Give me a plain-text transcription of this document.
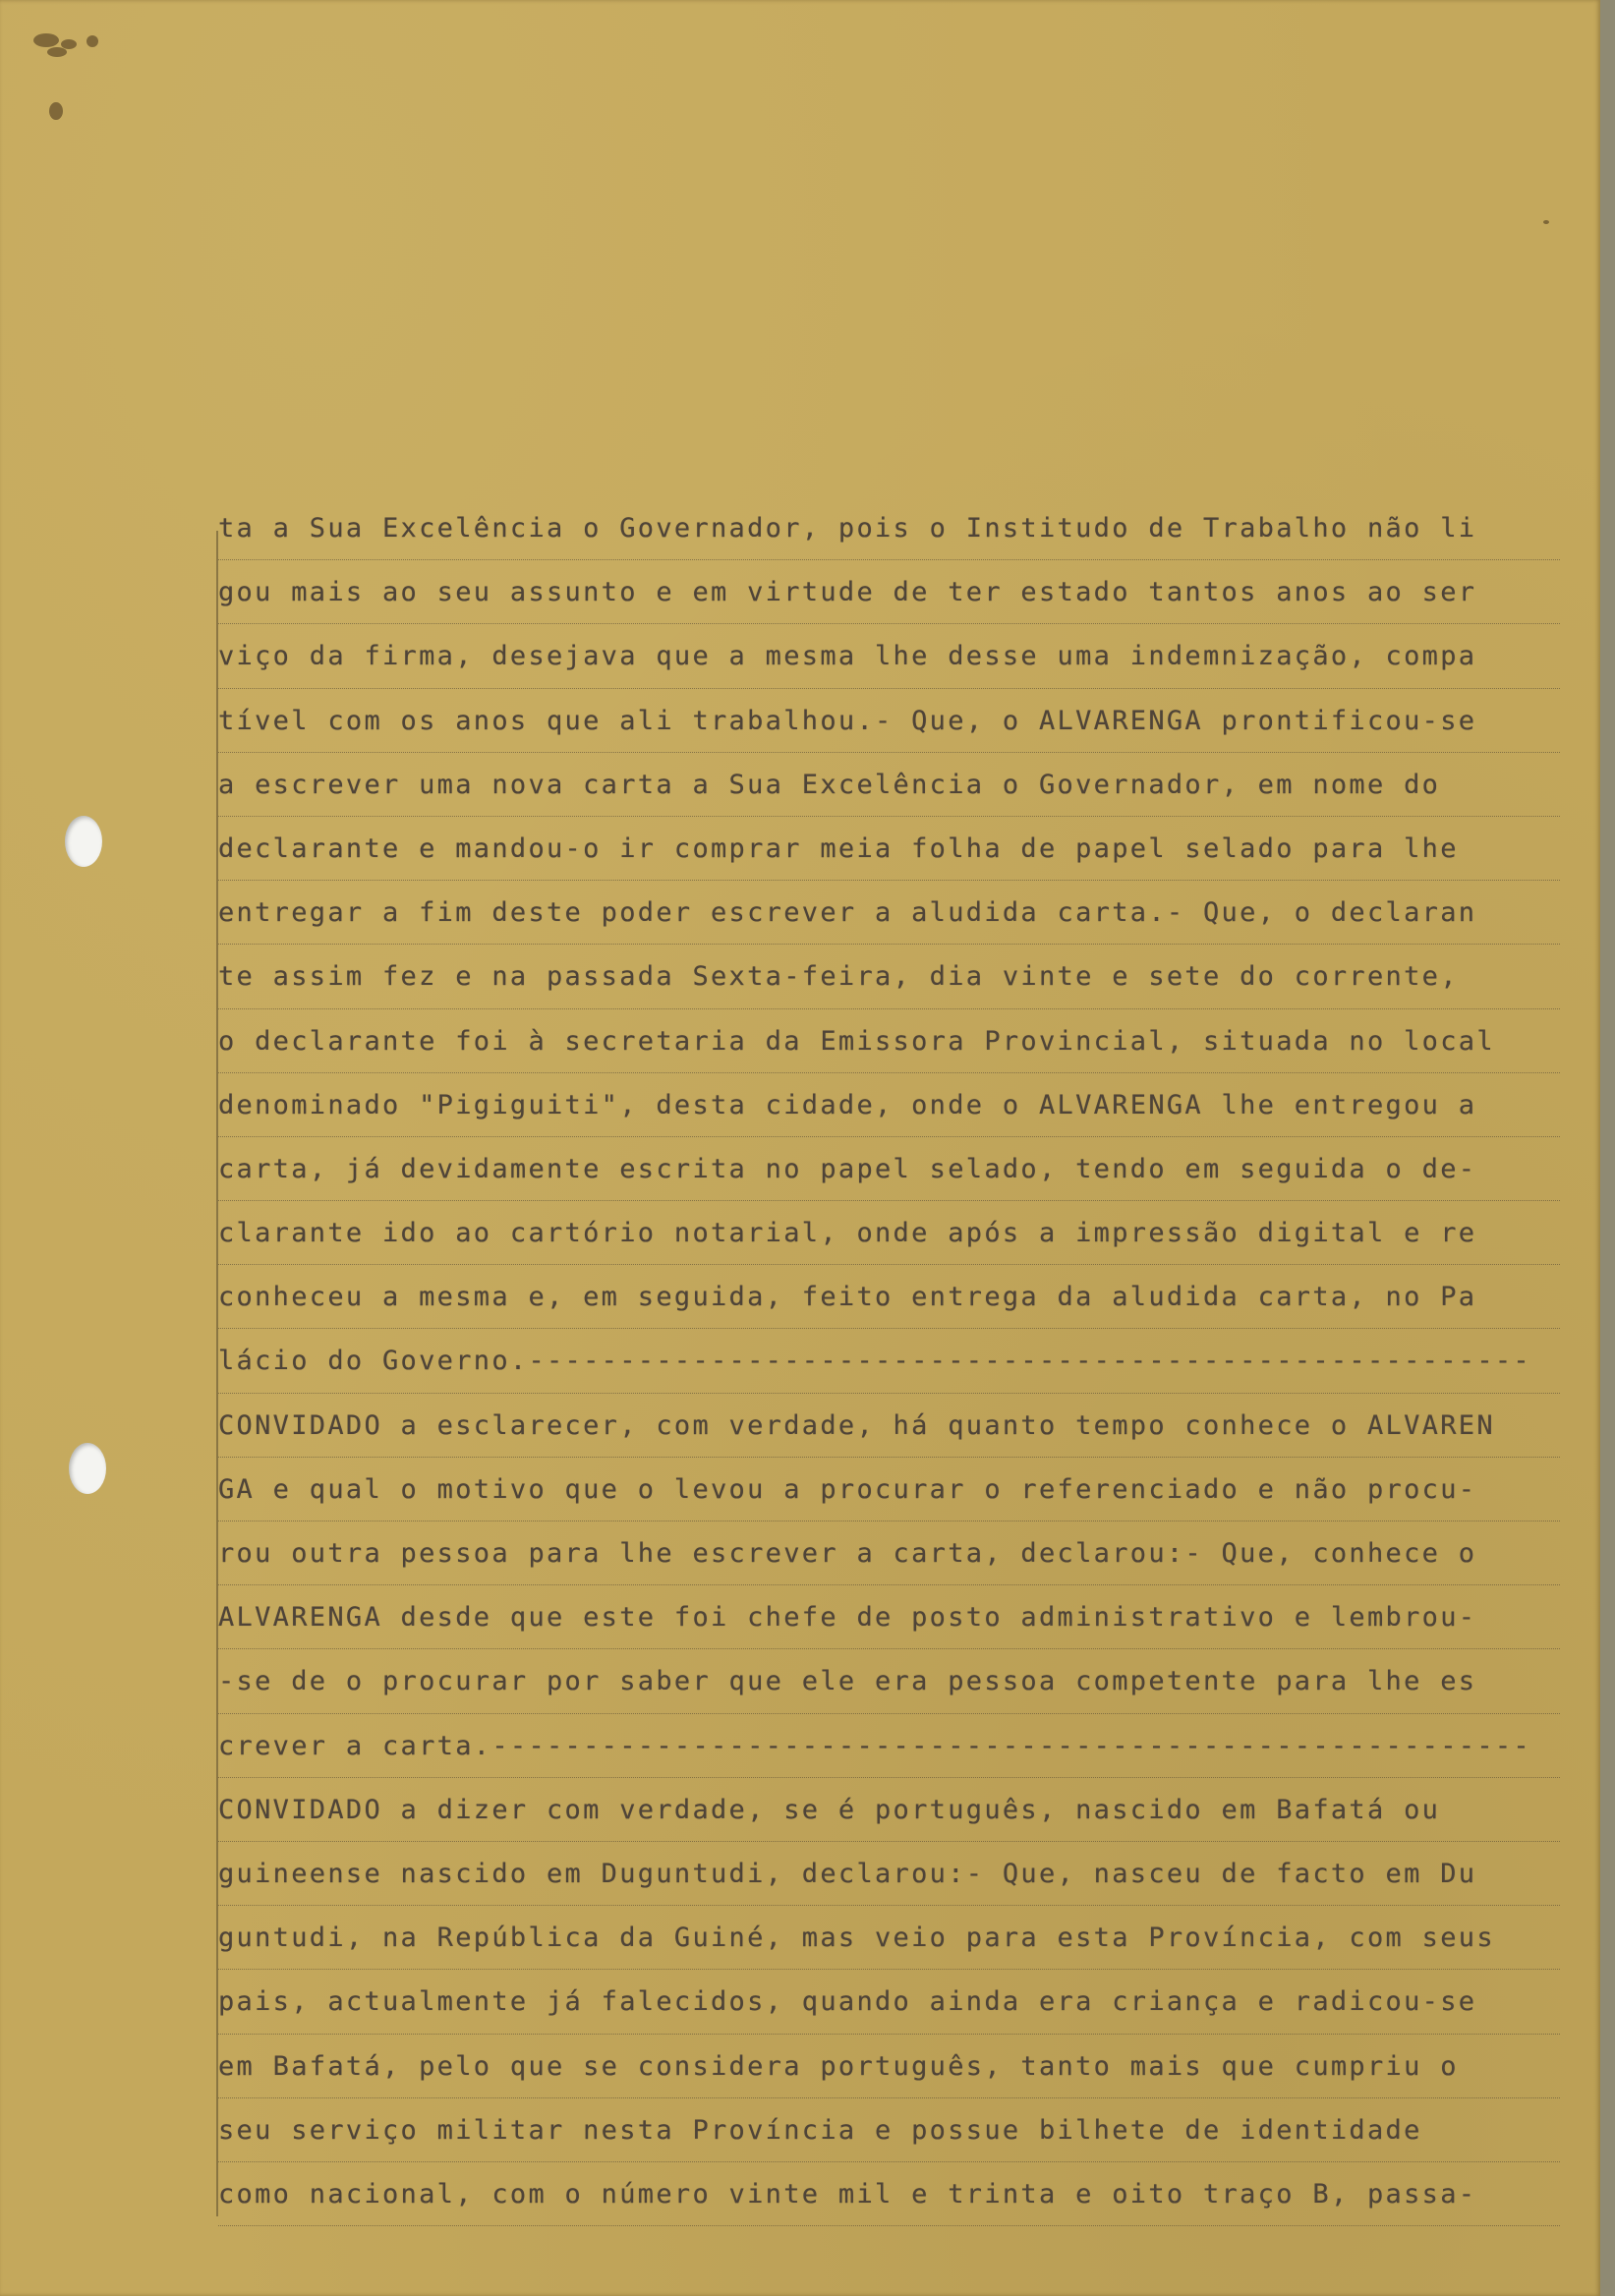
ta a Sua Excelência o Governador, pois o Institudo de Trabalho não li
gou mais ao seu assunto e em virtude de ter estado tantos anos ao ser
viço da firma, desejava que a mesma lhe desse uma indemnização, compa
tível com os anos que ali trabalhou.- Que, o ALVARENGA prontificou-se
a escrever uma nova carta a Sua Excelência o Governador, em nome do
declarante e mandou-o ir comprar meia folha de papel selado para lhe
entregar a fim deste poder escrever a aludida carta.- Que, o declaran
te assim fez e na passada Sexta-feira, dia vinte e sete do corrente,
o declarante foi à secretaria da Emissora Provincial, situada no local
denominado "Pigiguiti", desta cidade, onde o ALVARENGA lhe entregou a
carta, já devidamente escrita no papel selado, tendo em seguida o de-
clarante ido ao cartório notarial, onde após a impressão digital e re
conheceu a mesma e, em seguida, feito entrega da aludida carta, no Pa
lácio do Governo.-------------------------------------------------------
CONVIDADO a esclarecer, com verdade, há quanto tempo conhece o ALVAREN
GA e qual o motivo que o levou a procurar o referenciado e não procu-
rou outra pessoa para lhe escrever a carta, declarou:- Que, conhece o
ALVARENGA desde que este foi chefe de posto administrativo e lembrou-
-se de o procurar por saber que ele era pessoa competente para lhe es
crever a carta.---------------------------------------------------------
CONVIDADO a dizer com verdade, se é português, nascido em Bafatá ou
guineense nascido em Duguntudi, declarou:- Que, nasceu de facto em Du
guntudi, na República da Guiné, mas veio para esta Província, com seus
pais, actualmente já falecidos, quando ainda era criança e radicou-se
em Bafatá, pelo que se considera português, tanto mais que cumpriu o
seu serviço militar nesta Província e possue bilhete de identidade
como nacional, com o número vinte mil e trinta e oito traço B, passa-
